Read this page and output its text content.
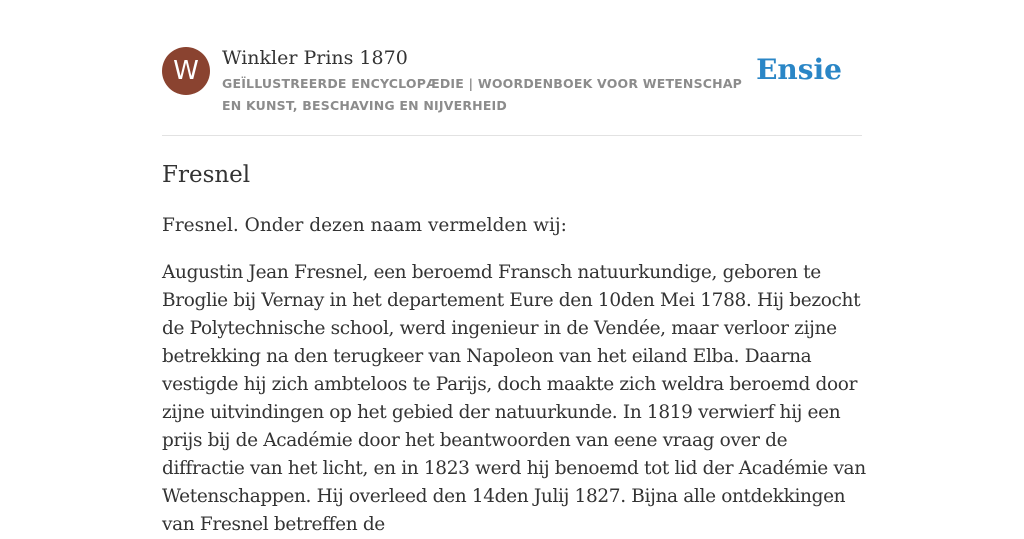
W	Winkler Prins 1870
GEÏLLUSTREERDE ENCYCLOPÆDIE | WOORDENBOEK VOOR WETENSCHAP EN KUNST, BESCHAVING EN NIJVERHEID
Ensie
Fresnel

Fresnel. Onder dezen naam vermelden wij:

Augustin Jean Fresnel, een beroemd Fransch natuurkundige, geboren te Broglie bij Vernay in het departement Eure den 10den Mei 1788. Hij bezocht de Polytechnische school, werd ingenieur in de Vendée, maar verloor zijne betrekking na den terugkeer van Napoleon van het eiland Elba. Daarna vestigde hij zich ambteloos te Parijs, doch maakte zich weldra beroemd door zijne uitvindingen op het gebied der natuurkunde. In 1819 verwierf hij een prijs bij de Académie door het beantwoorden van eene vraag over de diffractie van het licht, en in 1823 werd hij benoemd tot lid der Académie van Wetenschappen. Hij overleed den 14den Julij 1827. Bijna alle ontdekkingen van Fresnel betreffen de
